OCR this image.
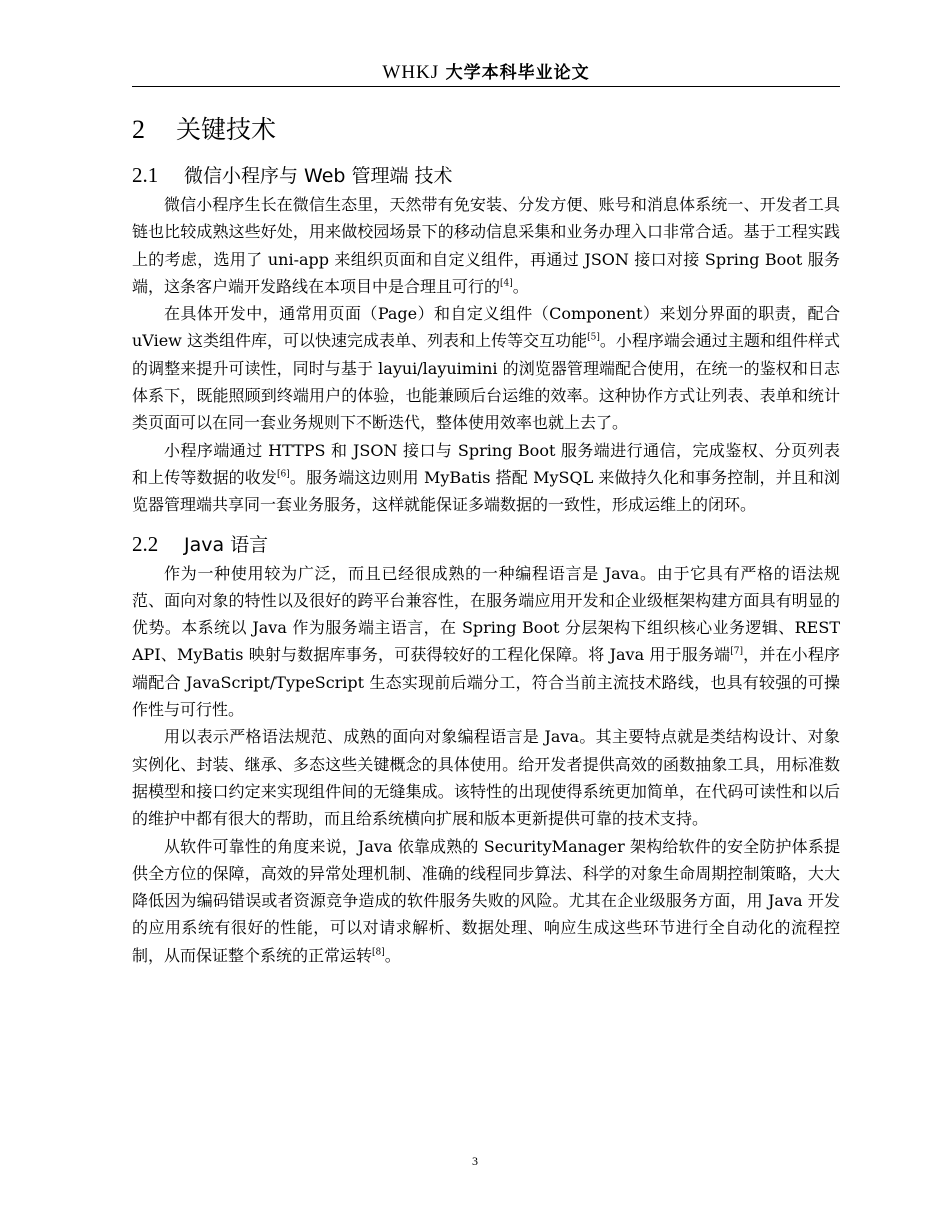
WHKJ 大学本科毕业论文
2 关键技术
2.1 微信小程序与 Web 管理端 技术

微信小程序生长在微信生态里，天然带有免安装、分发方便、账号和消息体系统一、开发者工具链也比较成熟这些好处，用来做校园场景下的移动信息采集和业务办理入口非常合适。基于工程实践上的考虑，选用了 uni-app 来组织页面和自定义组件，再通过 JSON 接口对接 Spring Boot 服务端，这条客户端开发路线在本项目中是合理且可行的[4]。

在具体开发中，通常用页面（Page）和自定义组件（Component）来划分界面的职责，配合 uView 这类组件库，可以快速完成表单、列表和上传等交互功能[5]。小程序端会通过主题和组件样式的调整来提升可读性，同时与基于 layui/layuimini 的浏览器管理端配合使用，在统一的鉴权和日志体系下，既能照顾到终端用户的体验，也能兼顾后台运维的效率。这种协作方式让列表、表单和统计类页面可以在同一套业务规则下不断迭代，整体使用效率也就上去了。

小程序端通过 HTTPS 和 JSON 接口与 Spring Boot 服务端进行通信，完成鉴权、分页列表和上传等数据的收发[6]。服务端这边则用 MyBatis 搭配 MySQL 来做持久化和事务控制，并且和浏览器管理端共享同一套业务服务，这样就能保证多端数据的一致性，形成运维上的闭环。

2.2 Java 语言

作为一种使用较为广泛，而且已经很成熟的一种编程语言是 Java。由于它具有严格的语法规范、面向对象的特性以及很好的跨平台兼容性，在服务端应用开发和企业级框架构建方面具有明显的优势。本系统以 Java 作为服务端主语言，在 Spring Boot 分层架构下组织核心业务逻辑、REST API、MyBatis 映射与数据库事务，可获得较好的工程化保障。将 Java 用于服务端[7]，并在小程序端配合 JavaScript/TypeScript 生态实现前后端分工，符合当前主流技术路线，也具有较强的可操作性与可行性。

用以表示严格语法规范、成熟的面向对象编程语言是 Java。其主要特点就是类结构设计、对象实例化、封装、继承、多态这些关键概念的具体使用。给开发者提供高效的函数抽象工具，用标准数据模型和接口约定来实现组件间的无缝集成。该特性的出现使得系统更加简单，在代码可读性和以后的维护中都有很大的帮助，而且给系统横向扩展和版本更新提供可靠的技术支持。

从软件可靠性的角度来说，Java 依靠成熟的 SecurityManager 架构给软件的安全防护体系提供全方位的保障，高效的异常处理机制、准确的线程同步算法、科学的对象生命周期控制策略，大大降低因为编码错误或者资源竞争造成的软件服务失败的风险。尤其在企业级服务方面，用 Java 开发的应用系统有很好的性能，可以对请求解析、数据处理、响应生成这些环节进行全自动化的流程控制，从而保证整个系统的正常运转[8]。

3
